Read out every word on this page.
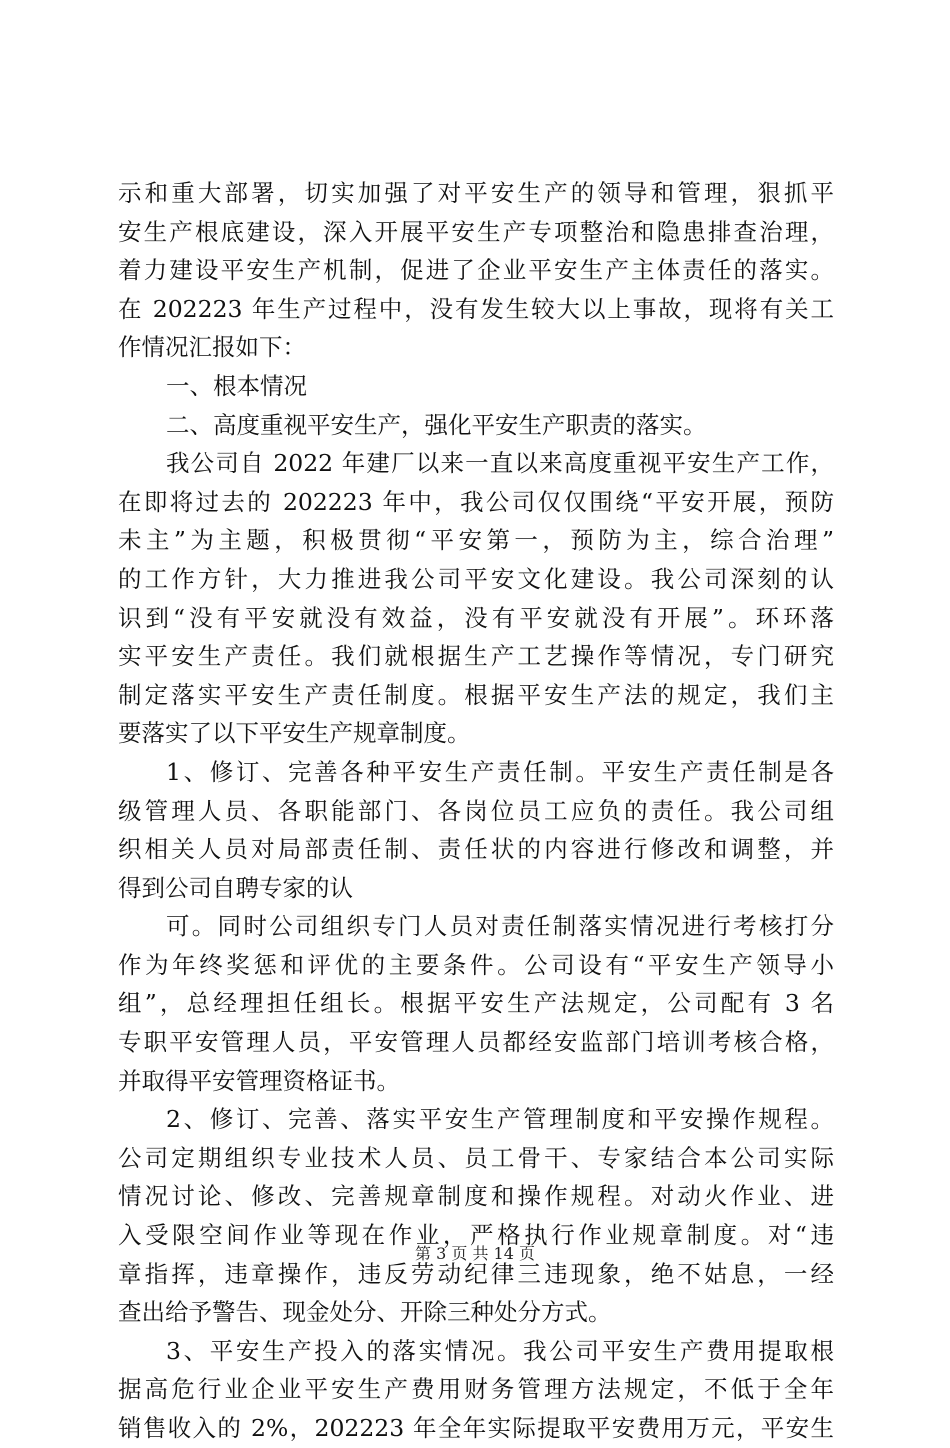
示和重大部署，切实加强了对平安生产的领导和管理，狠抓平
安生产根底建设，深入开展平安生产专项整治和隐患排查治理，
着力建设平安生产机制，促进了企业平安生产主体责任的落实。
在 202223 年生产过程中，没有发生较大以上事故，现将有关工
作情况汇报如下：
一、根本情况
二、高度重视平安生产，强化平安生产职责的落实。
我公司自 2022 年建厂以来一直以来高度重视平安生产工作，
在即将过去的 202223 年中，我公司仅仅围绕“平安开展，预防
未主”为主题，积极贯彻“平安第一，预防为主，综合治理”
的工作方针，大力推进我公司平安文化建设。我公司深刻的认
识到“没有平安就没有效益，没有平安就没有开展”。环环落
实平安生产责任。我们就根据生产工艺操作等情况，专门研究
制定落实平安生产责任制度。根据平安生产法的规定，我们主
要落实了以下平安生产规章制度。
1、修订、完善各种平安生产责任制。平安生产责任制是各
级管理人员、各职能部门、各岗位员工应负的责任。我公司组
织相关人员对局部责任制、责任状的内容进行修改和调整，并
得到公司自聘专家的认
可。同时公司组织专门人员对责任制落实情况进行考核打分
作为年终奖惩和评优的主要条件。公司设有“平安生产领导小
组”，总经理担任组长。根据平安生产法规定，公司配有 3 名
专职平安管理人员，平安管理人员都经安监部门培训考核合格，
并取得平安管理资格证书。
2、修订、完善、落实平安生产管理制度和平安操作规程。
公司定期组织专业技术人员、员工骨干、专家结合本公司实际
情况讨论、修改、完善规章制度和操作规程。对动火作业、进
入受限空间作业等现在作业，严格执行作业规章制度。对“违
章指挥，违章操作，违反劳动纪律三违现象，绝不姑息，一经
查出给予警告、现金处分、开除三种处分方式。
3、平安生产投入的落实情况。我公司平安生产费用提取根
据高危行业企业平安生产费用财务管理方法规定，不低于全年
销售收入的 2%，202223 年全年实际提取平安费用万元，平安生
第 3 页 共 14 页
